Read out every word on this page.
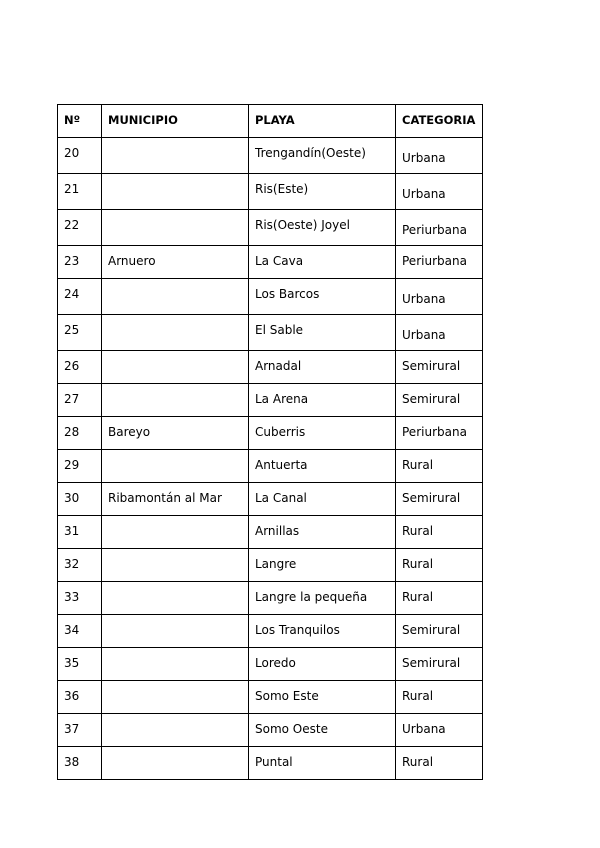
Nº	MUNICIPIO	PLAYA	CATEGORIA
20		Trengandín(Oeste)	Urbana
21		Ris(Este)	Urbana
22		Ris(Oeste) Joyel	Periurbana
23	Arnuero	La Cava	Periurbana
24		Los Barcos	Urbana
25		El Sable	Urbana
26		Arnadal	Semirural
27		La Arena	Semirural
28	Bareyo	Cuberris	Periurbana
29		Antuerta	Rural
30	Ribamontán al Mar	La Canal	Semirural
31		Arnillas	Rural
32		Langre	Rural
33		Langre la pequeña	Rural
34		Los Tranquilos	Semirural
35		Loredo	Semirural
36		Somo Este	Rural
37		Somo Oeste	Urbana
38		Puntal	Rural
